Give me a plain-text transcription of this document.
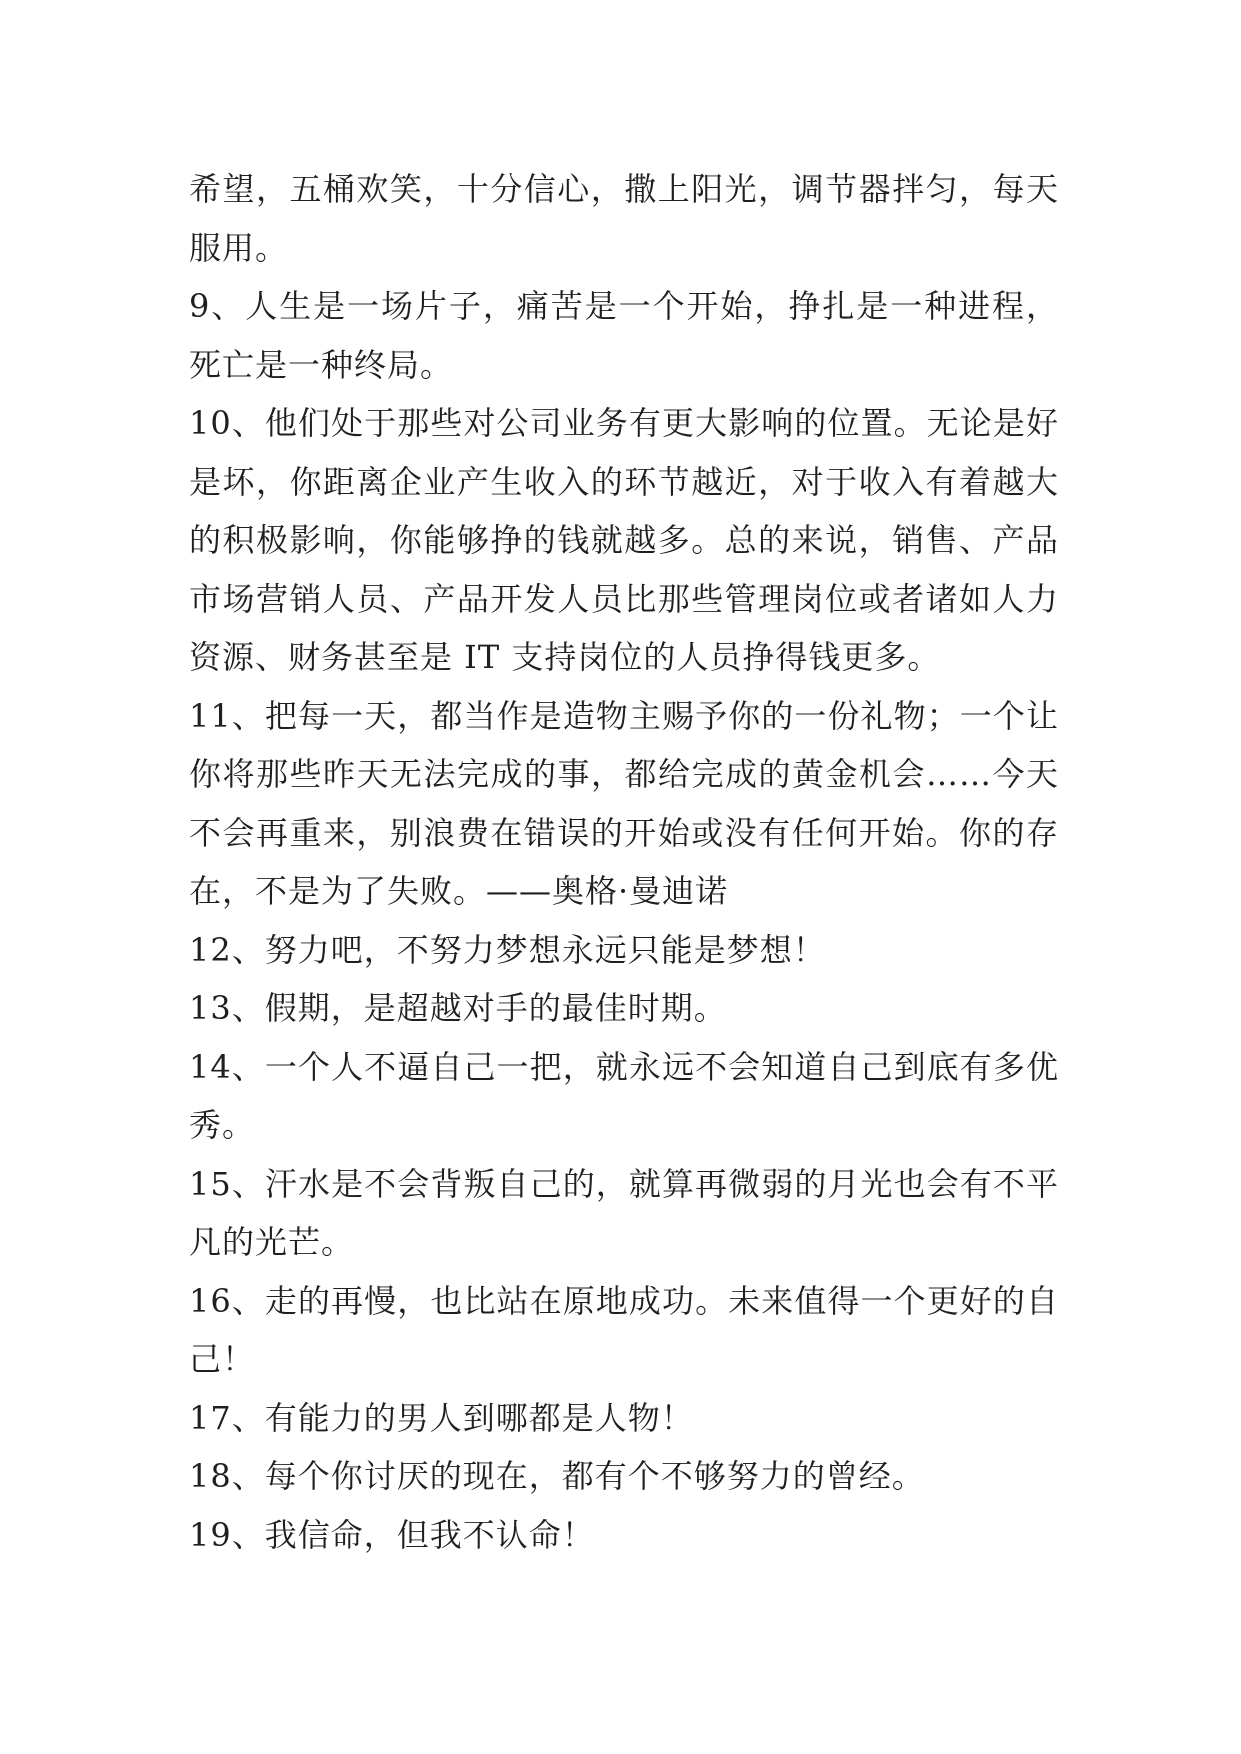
希望，五桶欢笑，十分信心，撒上阳光，调节器拌匀，每天服用。

9、人生是一场片子，痛苦是一个开始，挣扎是一种进程，死亡是一种终局。

10、他们处于那些对公司业务有更大影响的位置。无论是好是坏，你距离企业产生收入的环节越近，对于收入有着越大的积极影响，你能够挣的钱就越多。总的来说，销售、产品市场营销人员、产品开发人员比那些管理岗位或者诸如人力资源、财务甚至是 IT 支持岗位的人员挣得钱更多。

11、把每一天，都当作是造物主赐予你的一份礼物；一个让你将那些昨天无法完成的事，都给完成的黄金机会……今天不会再重来，别浪费在错误的开始或没有任何开始。你的存在，不是为了失败。——奥格·曼迪诺

12、努力吧，不努力梦想永远只能是梦想！

13、假期，是超越对手的最佳时期。

14、一个人不逼自己一把，就永远不会知道自己到底有多优秀。

15、汗水是不会背叛自己的，就算再微弱的月光也会有不平凡的光芒。

16、走的再慢，也比站在原地成功。未来值得一个更好的自己！

17、有能力的男人到哪都是人物！

18、每个你讨厌的现在，都有个不够努力的曾经。

19、我信命，但我不认命！
